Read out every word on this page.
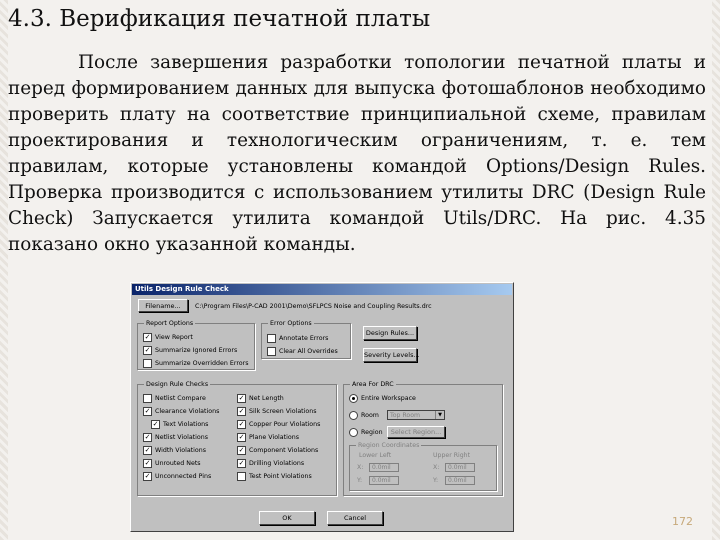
4.3. Верификация печатной платы

После завершения разработки топологии печатной платы и перед формированием данных для выпуска фотошаблонов необходимо проверить плату на соответствие принципиальной схеме, правилам проектирования и технологическим ограничениям, т. е. тем правилам, которые установлены командой Options/Design Rules. Проверка производится с использованием утилиты DRC (Design Rule Check) Запускается утилита командой Utils/DRC. На рис. 4.35 показано окно указанной команды.

Utils Design Rule Check
Filename...	C:\Program Files\P-CAD 2001\Demo\SFLPCS Noise and Coupling Results.drc
Report Options
✓ View Report
✓ Summarize Ignored Errors
Summarize Overridden Errors
Error Options
Annotate Errors
Clear All Overrides
Design Rules...
Severity Levels...
Design Rule Checks
Netlist Compare
✓ Clearance Violations
✓ Text Violations
✓ Netlist Violations
✓ Width Violations
✓ Unrouted Nets
✓ Unconnected Pins
✓ Net Length
✓ Silk Screen Violations
✓ Copper Pour Violations
✓ Plane Violations
✓ Component Violations
✓ Drilling Violations
Test Point Violations
Area For DRC
Entire Workspace
Room	Top Room	▼
Region	Select Region...
Region Coordinates
Lower Left	Upper Right
X:	0.0mil
Y:	0.0mil
X:	0.0mil
Y:	0.0mil
OK	Cancel	172
